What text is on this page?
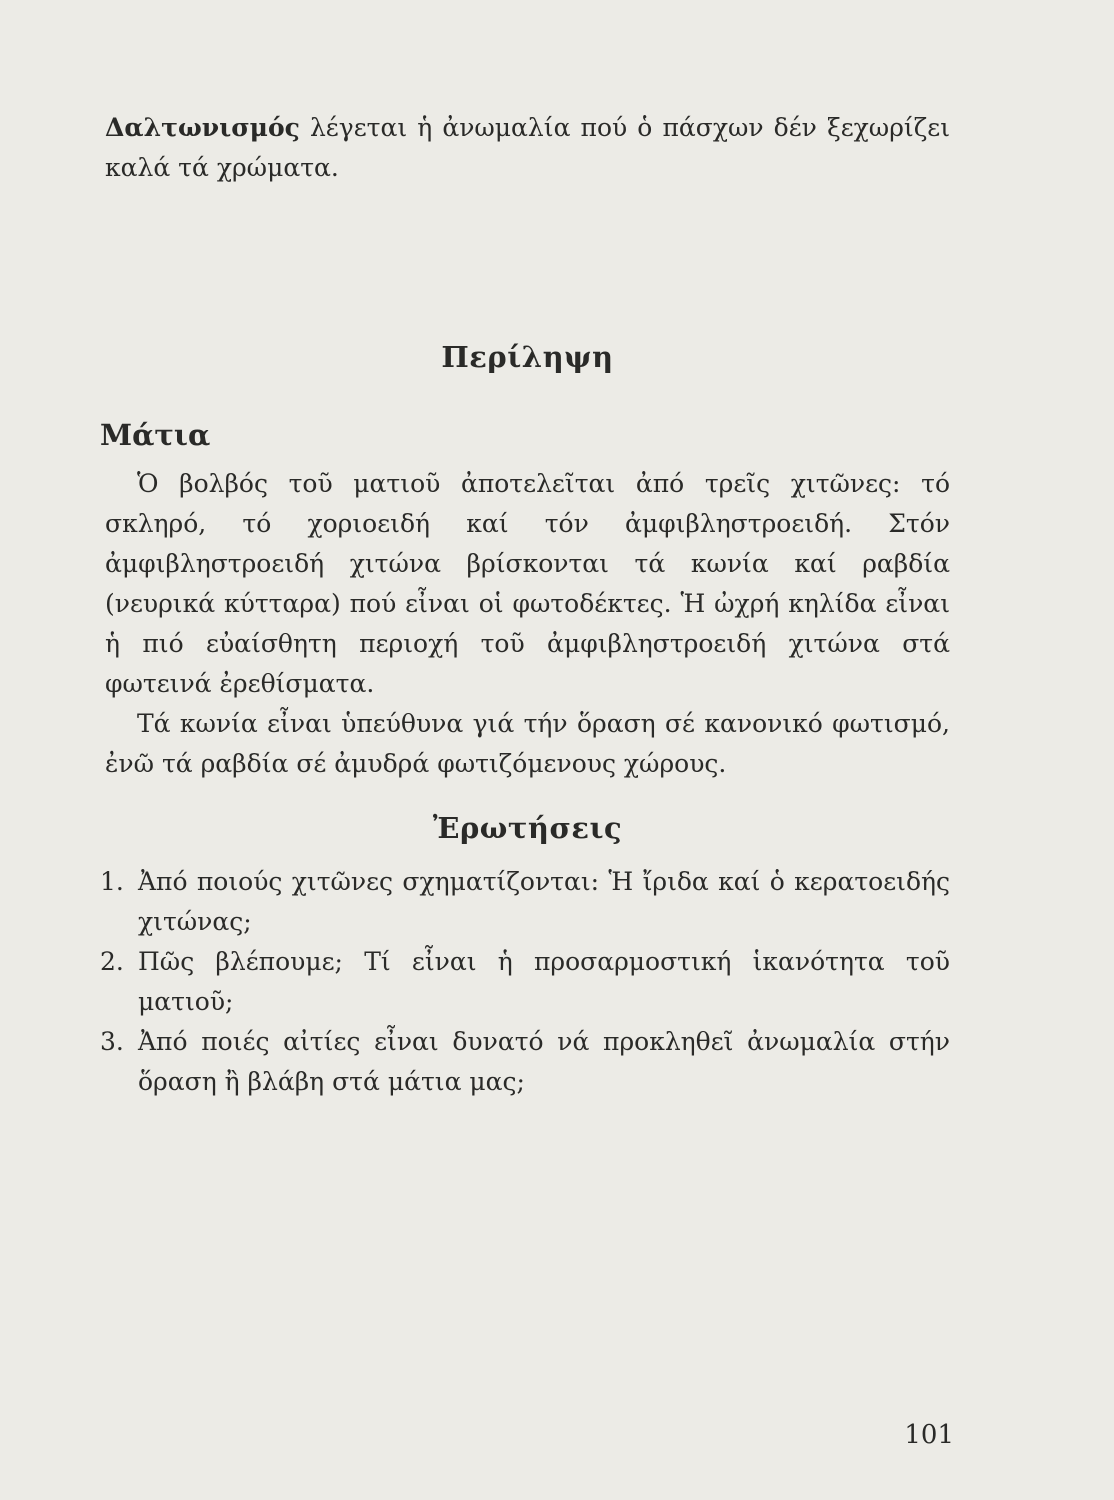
Δαλτωνισμός λέγεται ἡ ἀνωμαλία πού ὁ πάσχων δέν ξεχωρίζει καλά τά χρώματα.
Περίληψη
Μάτια

Ὁ βολβός τοῦ ματιοῦ ἀποτελεῖται ἀπό τρεῖς χιτῶνες: τό σκληρό, τό χοριοειδή καί τόν ἀμφιβληστροειδή. Στόν ἀμφιβληστροειδή χιτώνα βρίσκονται τά κωνία καί ραβδία (νευρικά κύτταρα) πού εἶναι οἱ φωτοδέκτες. Ἡ ὠχρή κηλίδα εἶναι ἡ πιό εὐαίσθητη περιοχή τοῦ ἀμφιβληστροειδή χιτώνα στά φωτεινά ἐρεθίσματα.

Τά κωνία εἶναι ὑπεύθυνα γιά τήν ὅραση σέ κανονικό φωτισμό, ἐνῶ τά ραβδία σέ ἀμυδρά φωτιζόμενους χώρους.

Ἐρωτήσεις
1. Ἀπό ποιούς χιτῶνες σχηματίζονται: Ἡ ἴριδα καί ὁ κερατοειδής χιτώνας;
2. Πῶς βλέπουμε; Τί εἶναι ἡ προσαρμοστική ἱκανότητα τοῦ ματιοῦ;
3. Ἀπό ποιές αἰτίες εἶναι δυνατό νά προκληθεῖ ἀνωμαλία στήν ὅραση ἢ βλάβη στά μάτια μας;
101
